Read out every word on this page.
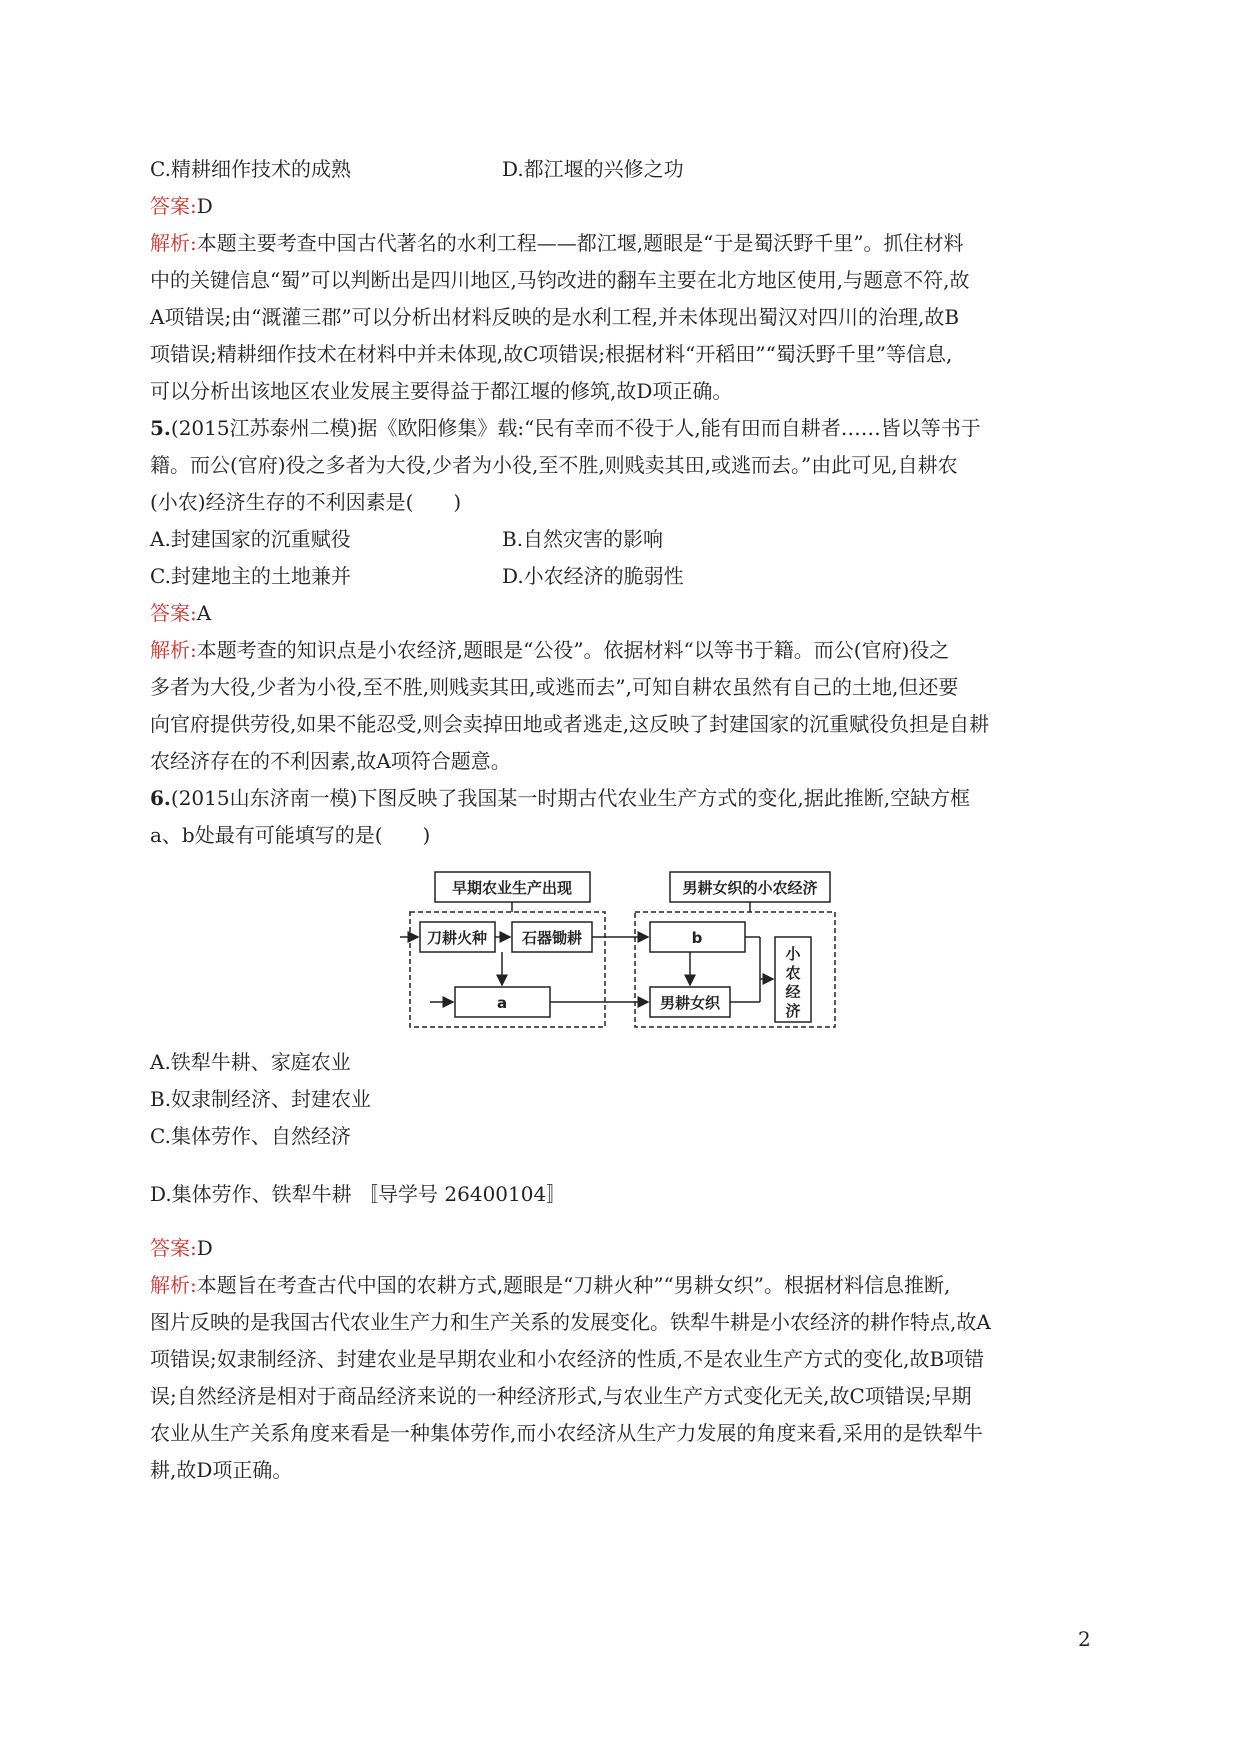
C.精耕细作技术的成熟	D.都江堰的兴修之功
答案:D
解析:本题主要考查中国古代著名的水利工程——都江堰,题眼是“于是蜀沃野千里”。抓住材料
中的关键信息“蜀”可以判断出是四川地区,马钧改进的翻车主要在北方地区使用,与题意不符,故
A项错误;由“溉灌三郡”可以分析出材料反映的是水利工程,并未体现出蜀汉对四川的治理,故B
项错误;精耕细作技术在材料中并未体现,故C项错误;根据材料“开稻田”“蜀沃野千里”等信息,
可以分析出该地区农业发展主要得益于都江堰的修筑,故D项正确。
5.(2015江苏泰州二模)据《欧阳修集》载:“民有幸而不役于人,能有田而自耕者……皆以等书于
籍。而公(官府)役之多者为大役,少者为小役,至不胜,则贱卖其田,或逃而去。”由此可见,自耕农
(小农)经济生存的不利因素是(　　)
A.封建国家的沉重赋役	B.自然灾害的影响
C.封建地主的土地兼并	D.小农经济的脆弱性
答案:A
解析:本题考查的知识点是小农经济,题眼是“公役”。依据材料“以等书于籍。而公(官府)役之
多者为大役,少者为小役,至不胜,则贱卖其田,或逃而去”,可知自耕农虽然有自己的土地,但还要
向官府提供劳役,如果不能忍受,则会卖掉田地或者逃走,这反映了封建国家的沉重赋役负担是自耕
农经济存在的不利因素,故A项符合题意。
6.(2015山东济南一模)下图反映了我国某一时期古代农业生产方式的变化,据此推断,空缺方框
a、b处最有可能填写的是(　　)
早期农业生产出现
刀耕火种 石器锄耕
a
男耕女织的小农经济
b
男耕女织
小
农
经
济
A.铁犁牛耕、家庭农业
B.奴隶制经济、封建农业
C.集体劳作、自然经济
D.集体劳作、铁犁牛耕 〚导学号 26400104〛
答案:D
解析:本题旨在考查古代中国的农耕方式,题眼是“刀耕火种”“男耕女织”。根据材料信息推断,
图片反映的是我国古代农业生产力和生产关系的发展变化。铁犁牛耕是小农经济的耕作特点,故A
项错误;奴隶制经济、封建农业是早期农业和小农经济的性质,不是农业生产方式的变化,故B项错
误;自然经济是相对于商品经济来说的一种经济形式,与农业生产方式变化无关,故C项错误;早期
农业从生产关系角度来看是一种集体劳作,而小农经济从生产力发展的角度来看,采用的是铁犁牛
耕,故D项正确。
2
